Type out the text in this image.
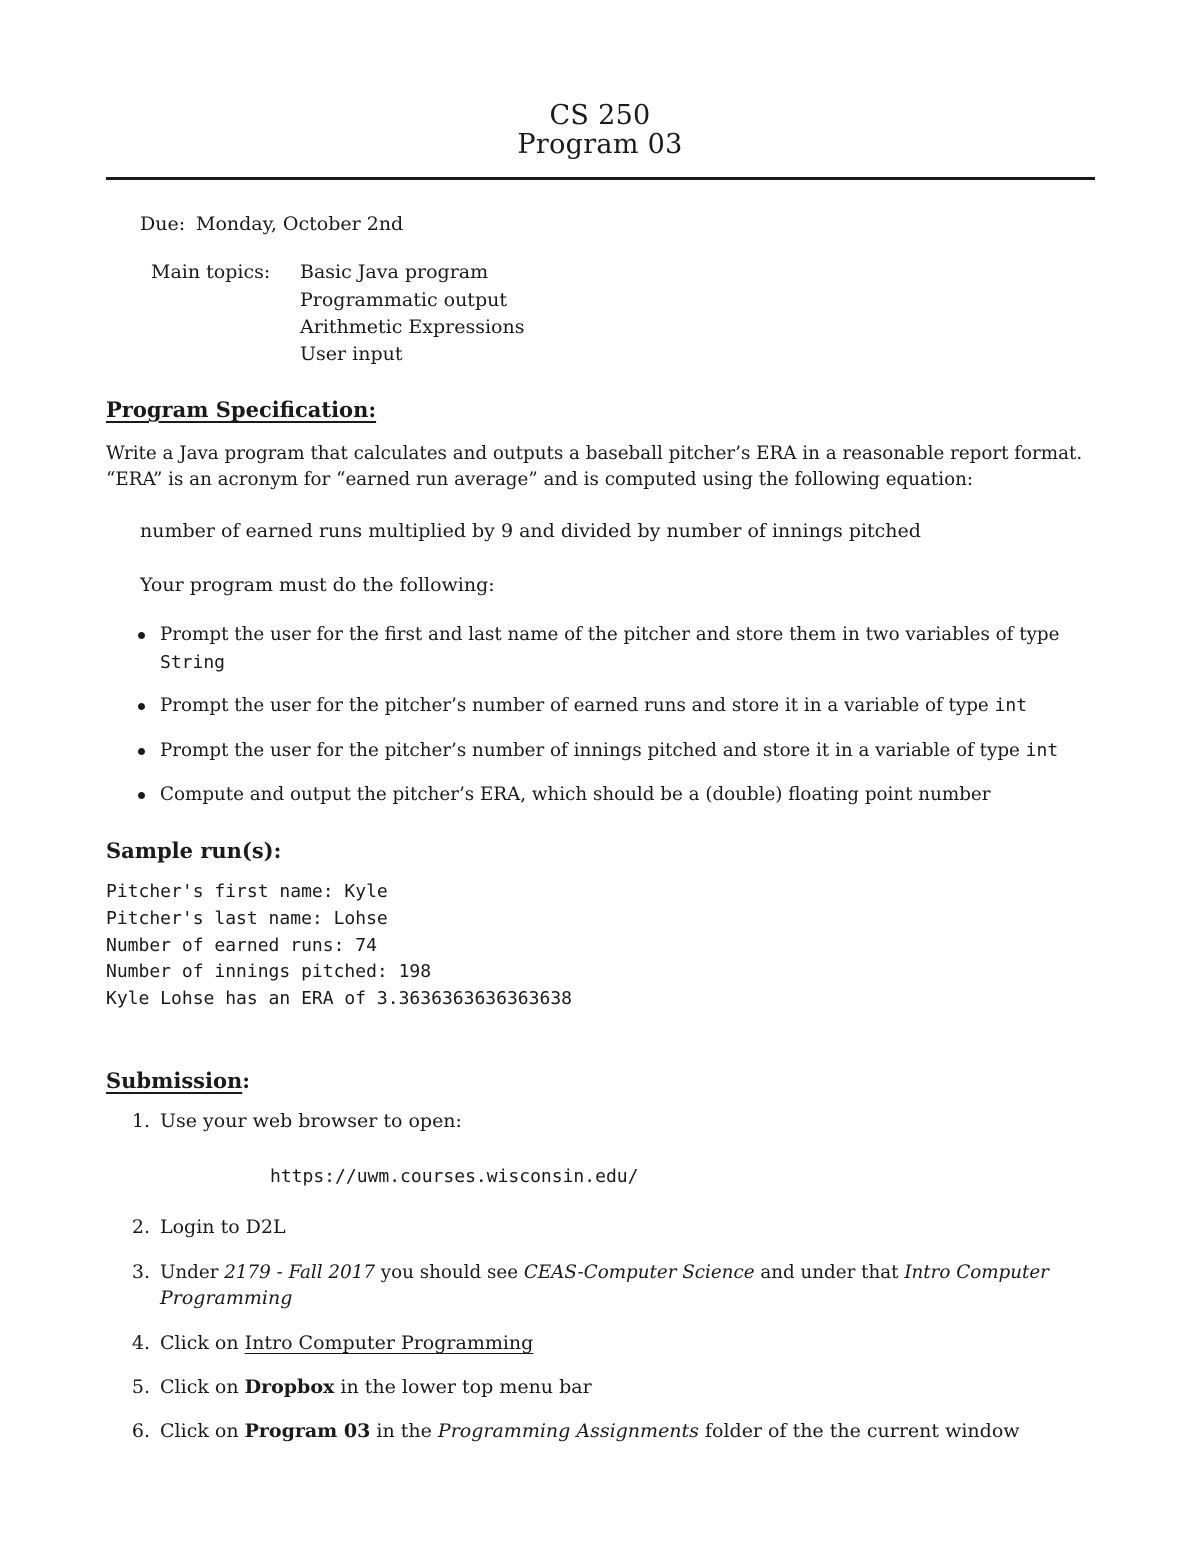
CS 250
Program 03
Due: Monday, October 2nd
Main topics: Basic Java program
Programmatic output
Arithmetic Expressions
User input
Program Specification:
Write a Java program that calculates and outputs a baseball pitcher’s ERA in a reasonable report format.
“ERA” is an acronym for “earned run average” and is computed using the following equation:
number of earned runs multiplied by 9 and divided by number of innings pitched
Your program must do the following:
Prompt the user for the first and last name of the pitcher and store them in two variables of type
String
Prompt the user for the pitcher’s number of earned runs and store it in a variable of type int
Prompt the user for the pitcher’s number of innings pitched and store it in a variable of type int
Compute and output the pitcher’s ERA, which should be a (double) floating point number
Sample run(s):
Pitcher's first name: Kyle
Pitcher's last name: Lohse
Number of earned runs: 74
Number of innings pitched: 198
Kyle Lohse has an ERA of 3.3636363636363638
Submission:
1. Use your web browser to open:
https://uwm.courses.wisconsin.edu/
2. Login to D2L
3. Under 2179 - Fall 2017 you should see CEAS-Computer Science and under that Intro Computer
Programming
4. Click on Intro Computer Programming
5. Click on Dropbox in the lower top menu bar
6. Click on Program 03 in the Programming Assignments folder of the the current window
